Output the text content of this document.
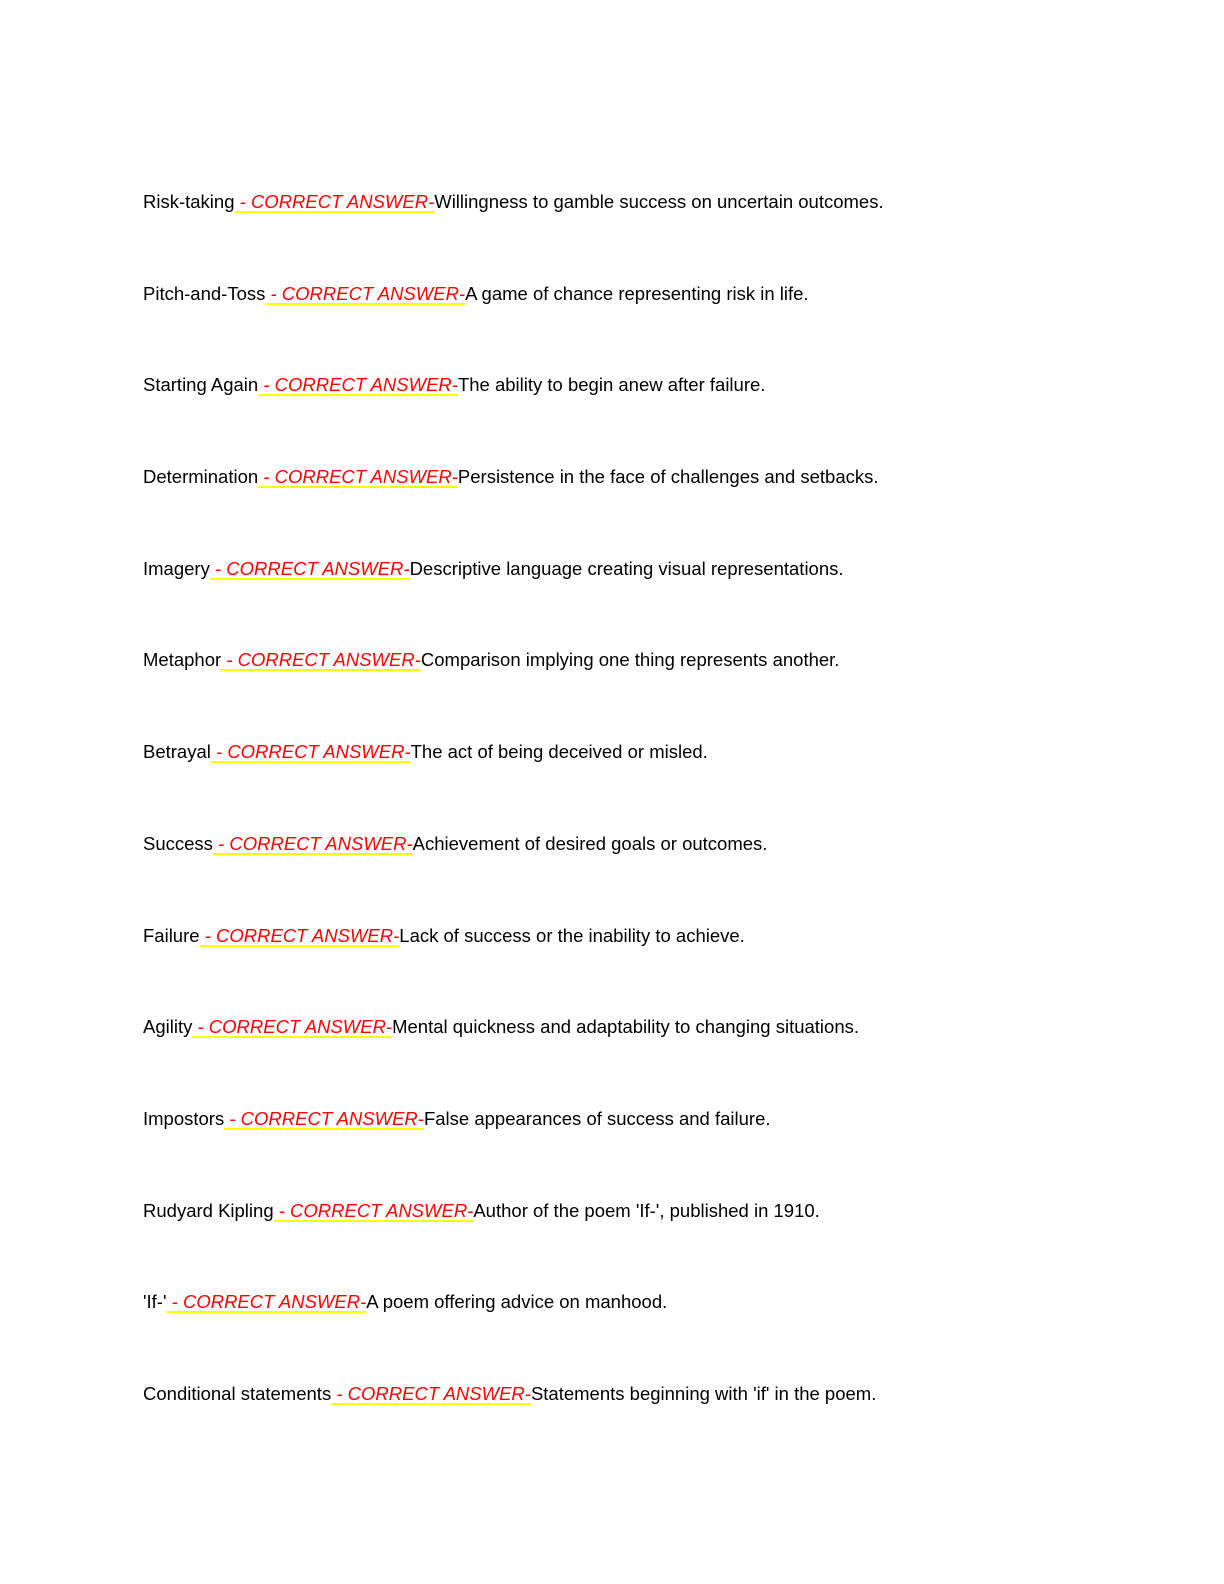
Risk-taking - CORRECT ANSWER-Willingness to gamble success on uncertain outcomes.
Pitch-and-Toss - CORRECT ANSWER-A game of chance representing risk in life.
Starting Again - CORRECT ANSWER-The ability to begin anew after failure.
Determination - CORRECT ANSWER-Persistence in the face of challenges and setbacks.
Imagery - CORRECT ANSWER-Descriptive language creating visual representations.
Metaphor - CORRECT ANSWER-Comparison implying one thing represents another.
Betrayal - CORRECT ANSWER-The act of being deceived or misled.
Success - CORRECT ANSWER-Achievement of desired goals or outcomes.
Failure - CORRECT ANSWER-Lack of success or the inability to achieve.
Agility - CORRECT ANSWER-Mental quickness and adaptability to changing situations.
Impostors - CORRECT ANSWER-False appearances of success and failure.
Rudyard Kipling - CORRECT ANSWER-Author of the poem 'If-', published in 1910.
'If-' - CORRECT ANSWER-A poem offering advice on manhood.
Conditional statements - CORRECT ANSWER-Statements beginning with 'if' in the poem.
